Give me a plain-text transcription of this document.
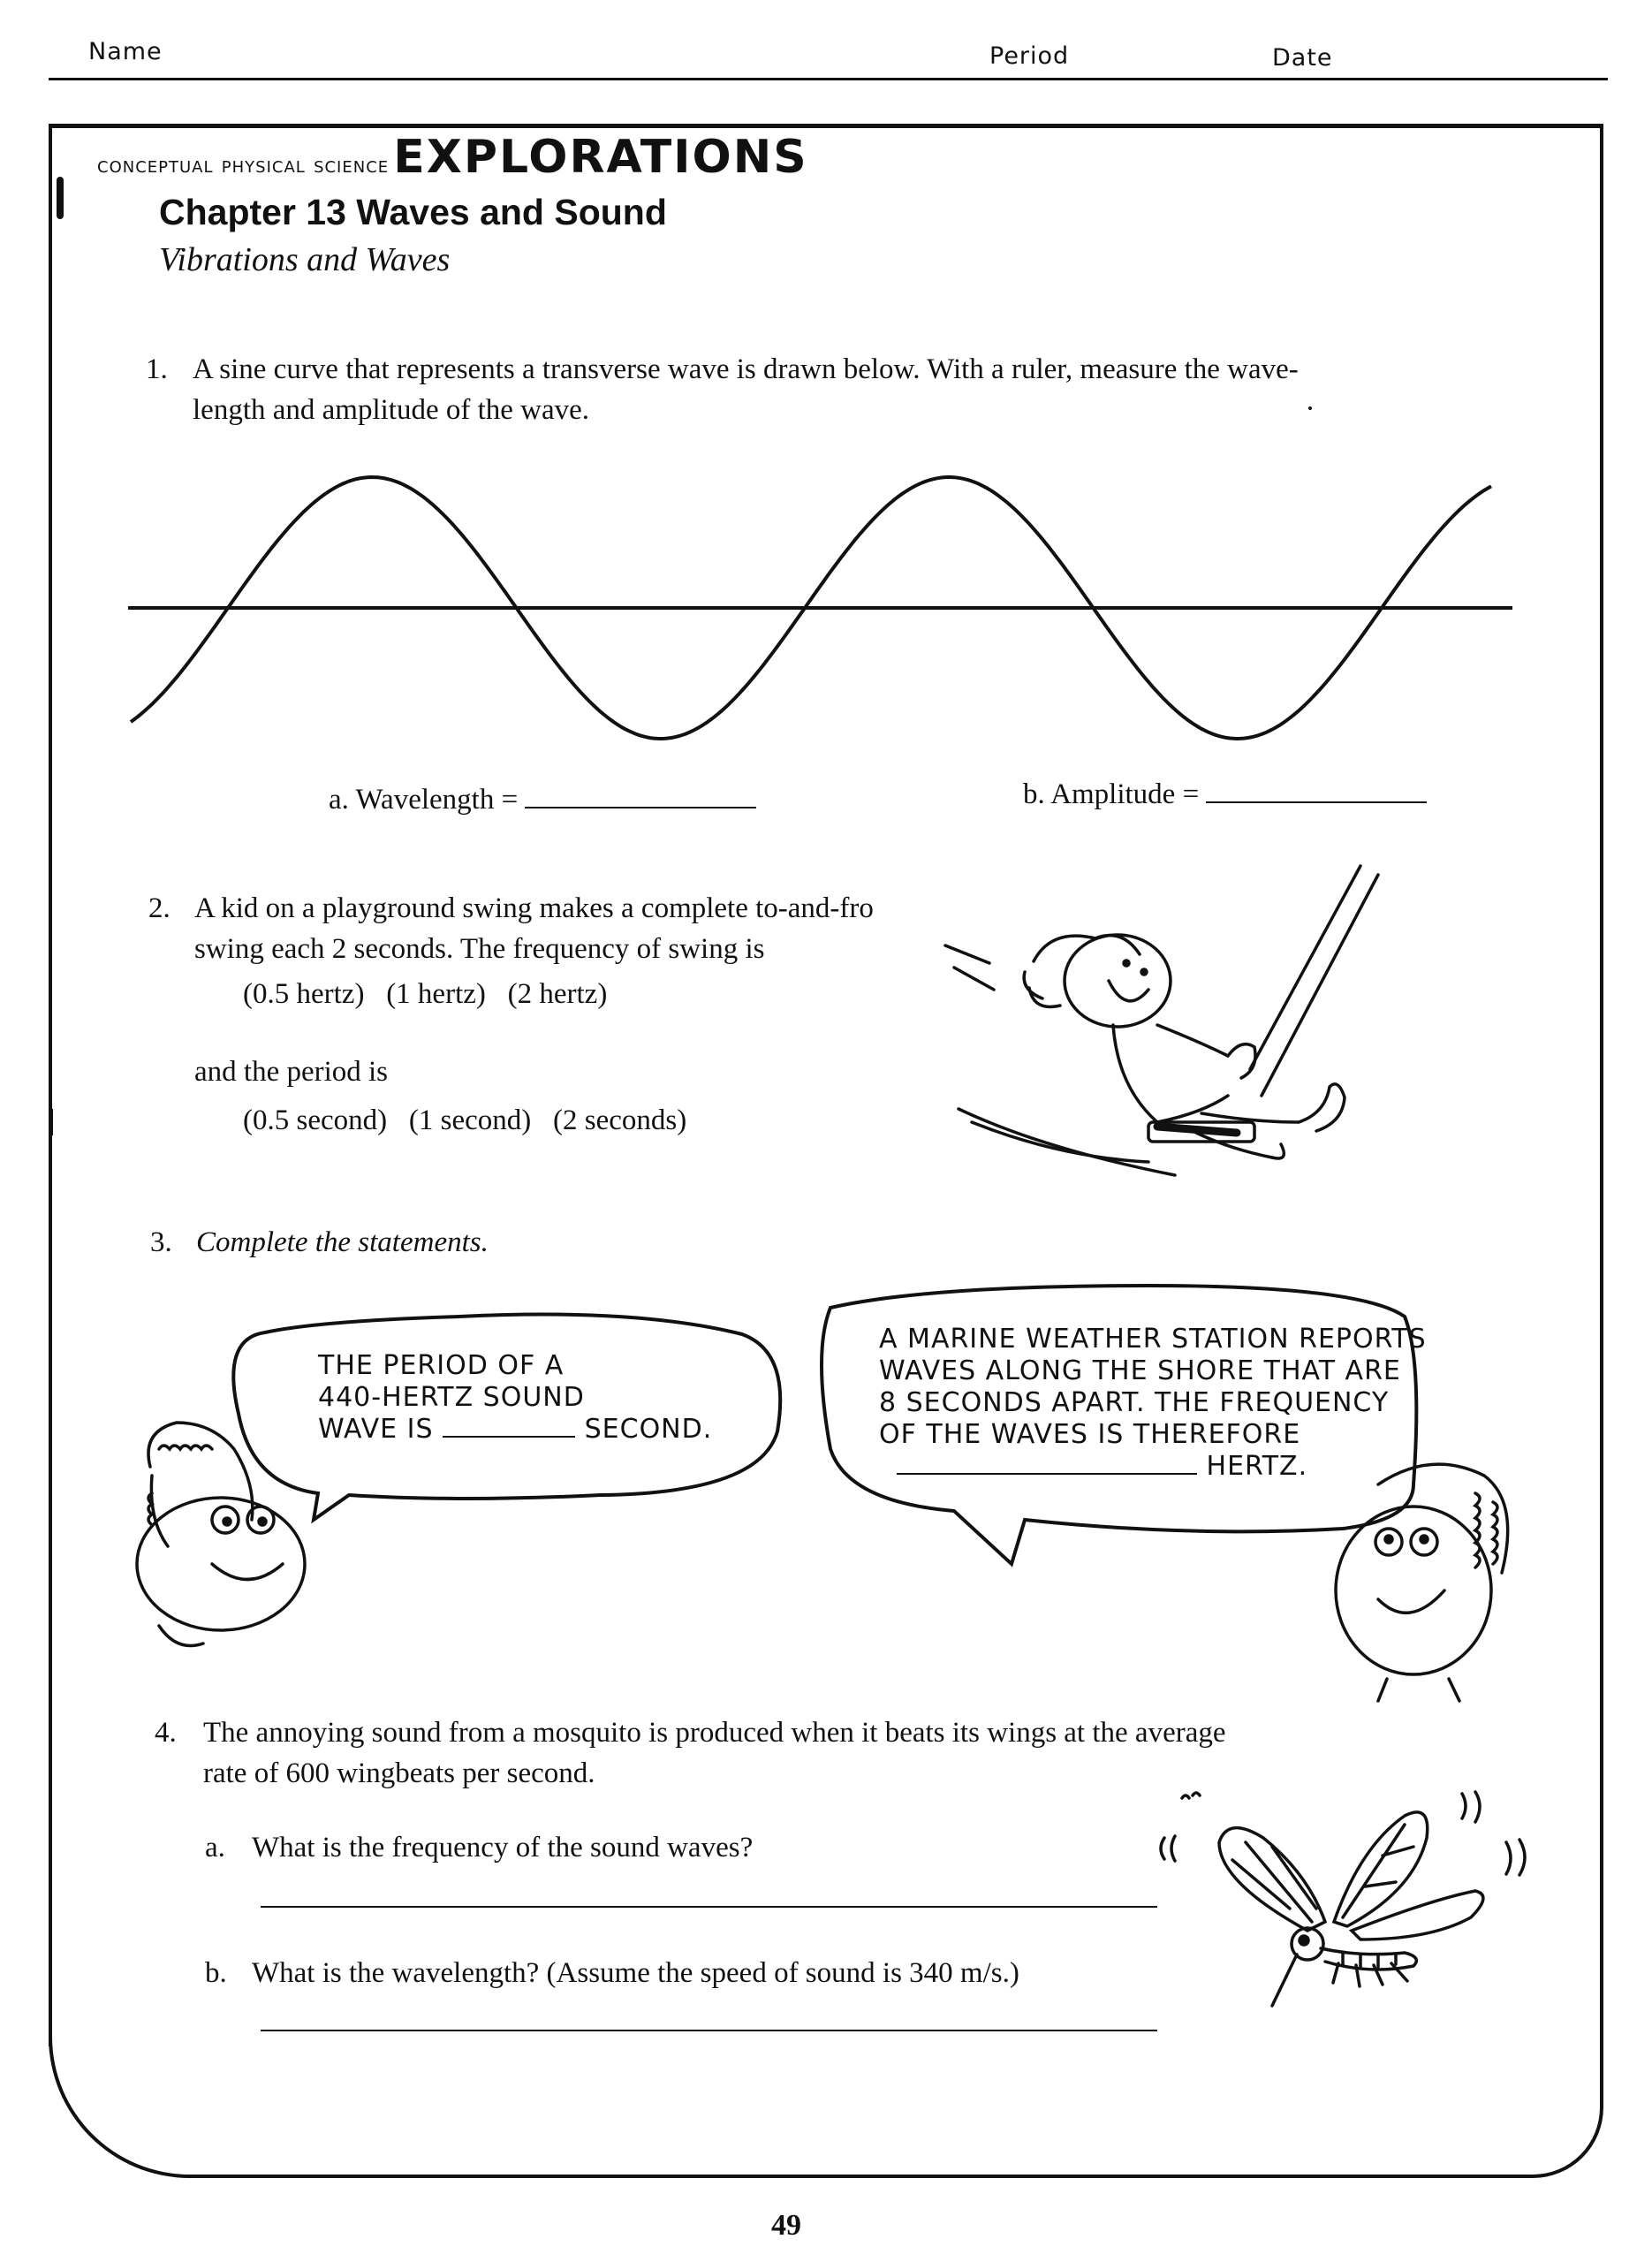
Name	Period	Date
conceptual physical science EXPLORATIONS
Chapter 13 Waves and Sound
Vibrations and Waves
1. A sine curve that represents a transverse wave is drawn below. With a ruler, measure the wave-
length and amplitude of the wave.
a. Wavelength =	b. Amplitude =
2. A kid on a playground swing makes a complete to-and-fro
swing each 2 seconds. The frequency of swing is
(0.5 hertz) (1 hertz) (2 hertz)
and the period is
(0.5 second) (1 second) (2 seconds)
3. Complete the statements.
THE PERIOD OF A
440-HERTZ SOUND
WAVE IS	SECOND.
A MARINE WEATHER STATION REPORTS
WAVES ALONG THE SHORE THAT ARE
8 SECONDS APART. THE FREQUENCY
OF THE WAVES IS THEREFORE
HERTZ.
4. The annoying sound from a mosquito is produced when it beats its wings at the average
rate of 600 wingbeats per second.
a. What is the frequency of the sound waves?
b. What is the wavelength? (Assume the speed of sound is 340 m/s.)
49
